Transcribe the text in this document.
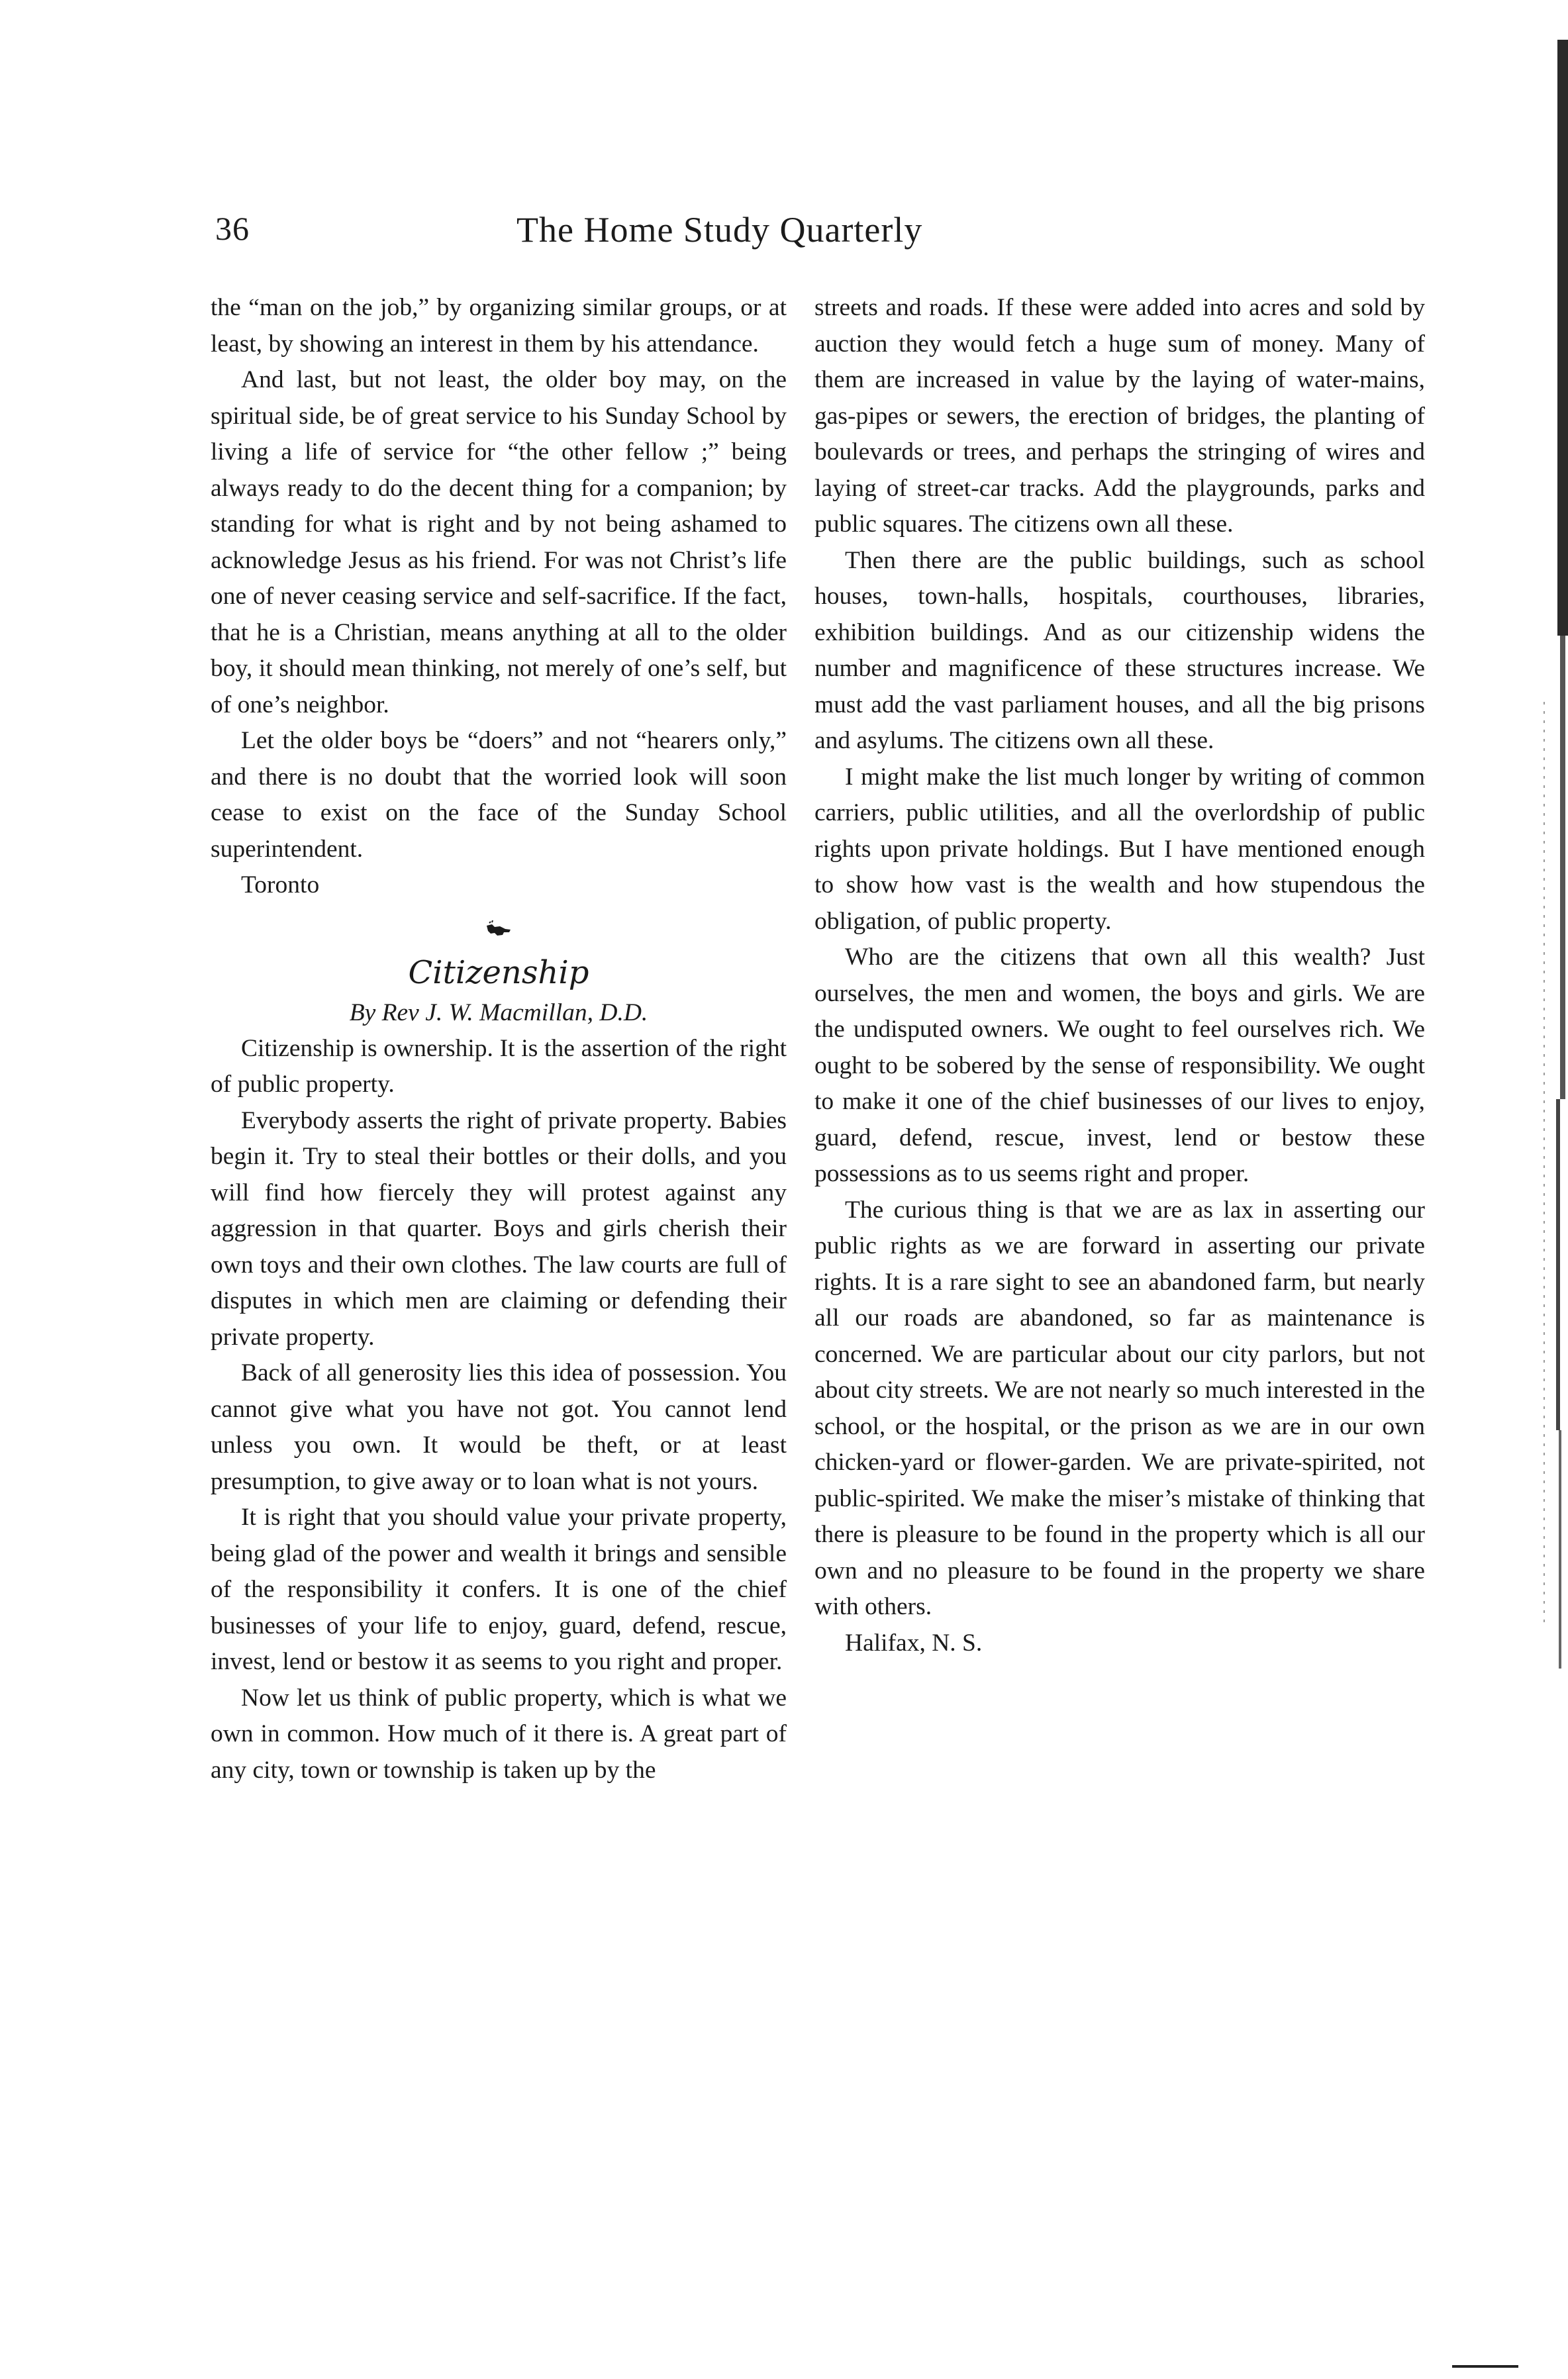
36	The Home Study Quarterly

the “man on the job,” by organizing similar groups, or at least, by showing an interest in them by his attendance.

And last, but not least, the older boy may, on the spiritual side, be of great service to his Sunday School by living a life of service for “the other fellow ;” being always ready to do the decent thing for a companion; by standing for what is right and by not being ashamed to acknowledge Jesus as his friend. For was not Christ’s life one of never ceasing service and self-sacrifice. If the fact, that he is a Christian, means anything at all to the older boy, it should mean thinking, not merely of one’s self, but of one’s neighbor.

Let the older boys be “doers” and not “hearers only,” and there is no doubt that the worried look will soon cease to exist on the face of the Sunday School superintendent.

Toronto
Citizenship
By Rev J. W. Macmillan, D.D.

Citizenship is ownership. It is the assertion of the right of public property.

Everybody asserts the right of private property. Babies begin it. Try to steal their bottles or their dolls, and you will find how fiercely they will protest against any aggression in that quarter. Boys and girls cherish their own toys and their own clothes. The law courts are full of disputes in which men are claiming or defending their private property.

Back of all generosity lies this idea of possession. You cannot give what you have not got. You cannot lend unless you own. It would be theft, or at least presumption, to give away or to loan what is not yours.

It is right that you should value your private property, being glad of the power and wealth it brings and sensible of the responsibility it confers. It is one of the chief businesses of your life to enjoy, guard, defend, rescue, invest, lend or bestow it as seems to you right and proper.

Now let us think of public property, which is what we own in common. How much of it there is. A great part of any city, town or township is taken up by the

streets and roads. If these were added into acres and sold by auction they would fetch a huge sum of money. Many of them are increased in value by the laying of water-mains, gas-pipes or sewers, the erection of bridges, the planting of boulevards or trees, and perhaps the stringing of wires and laying of street-car tracks. Add the playgrounds, parks and public squares. The citizens own all these.

Then there are the public buildings, such as school houses, town-halls, hospitals, courthouses, libraries, exhibition buildings. And as our citizenship widens the number and magnificence of these structures increase. We must add the vast parliament houses, and all the big prisons and asylums. The citizens own all these.

I might make the list much longer by writing of common carriers, public utilities, and all the overlordship of public rights upon private holdings. But I have mentioned enough to show how vast is the wealth and how stupendous the obligation, of public property.

Who are the citizens that own all this wealth? Just ourselves, the men and women, the boys and girls. We are the undisputed owners. We ought to feel ourselves rich. We ought to be sobered by the sense of responsibility. We ought to make it one of the chief businesses of our lives to enjoy, guard, defend, rescue, invest, lend or bestow these possessions as to us seems right and proper.

The curious thing is that we are as lax in asserting our public rights as we are forward in asserting our private rights. It is a rare sight to see an abandoned farm, but nearly all our roads are abandoned, so far as maintenance is concerned. We are particular about our city parlors, but not about city streets. We are not nearly so much interested in the school, or the hospital, or the prison as we are in our own chicken-yard or flower-garden. We are private-spirited, not public-spirited. We make the miser’s mistake of thinking that there is pleasure to be found in the property which is all our own and no pleasure to be found in the property we share with others.

Halifax, N. S.
